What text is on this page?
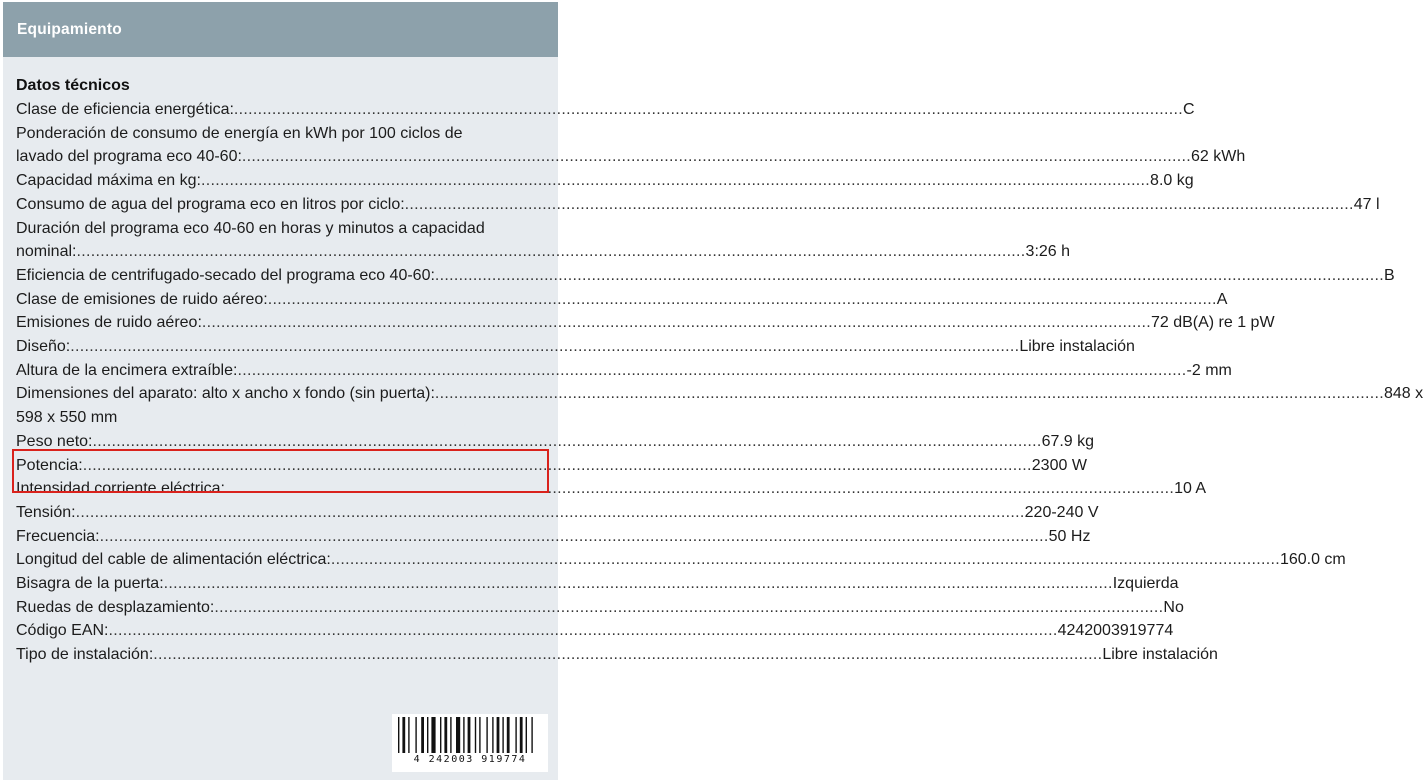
Equipamiento
Datos técnicos
Clase de eficiencia energética: ........................................................................................................................................................................................................ C
Ponderación de consumo de energía en kWh por 100 ciclos de
lavado del programa eco 40-60: ........................................................................................................................................................................................................ 62 kWh
Capacidad máxima en kg: ........................................................................................................................................................................................................ 8.0 kg
Consumo de agua del programa eco en litros por ciclo: ........................................................................................................................................................................................................ 47 l
Duración del programa eco 40-60 en horas y minutos a capacidad
nominal: ........................................................................................................................................................................................................ 3:26 h
Eficiencia de centrifugado-secado del programa eco 40-60: ........................................................................................................................................................................................................ B
Clase de emisiones de ruido aéreo: ........................................................................................................................................................................................................ A
Emisiones de ruido aéreo: ........................................................................................................................................................................................................ 72 dB(A) re 1 pW
Diseño: ........................................................................................................................................................................................................ Libre instalación
Altura de la encimera extraíble: ........................................................................................................................................................................................................ -2 mm
Dimensiones del aparato: alto x ancho x fondo (sin puerta): ........................................................................................................................................................................................................ 848 x
598 x 550 mm
Peso neto: ........................................................................................................................................................................................................ 67.9 kg
Potencia: ........................................................................................................................................................................................................ 2300 W
Intensidad corriente eléctrica: ........................................................................................................................................................................................................ 10 A
Tensión: ........................................................................................................................................................................................................ 220-240 V
Frecuencia: ........................................................................................................................................................................................................ 50 Hz
Longitud del cable de alimentación eléctrica: ........................................................................................................................................................................................................ 160.0 cm
Bisagra de la puerta: ........................................................................................................................................................................................................ Izquierda
Ruedas de desplazamiento: ........................................................................................................................................................................................................ No
Código EAN: ........................................................................................................................................................................................................ 4242003919774
Tipo de instalación: ........................................................................................................................................................................................................ Libre instalación
4 242003 919774
